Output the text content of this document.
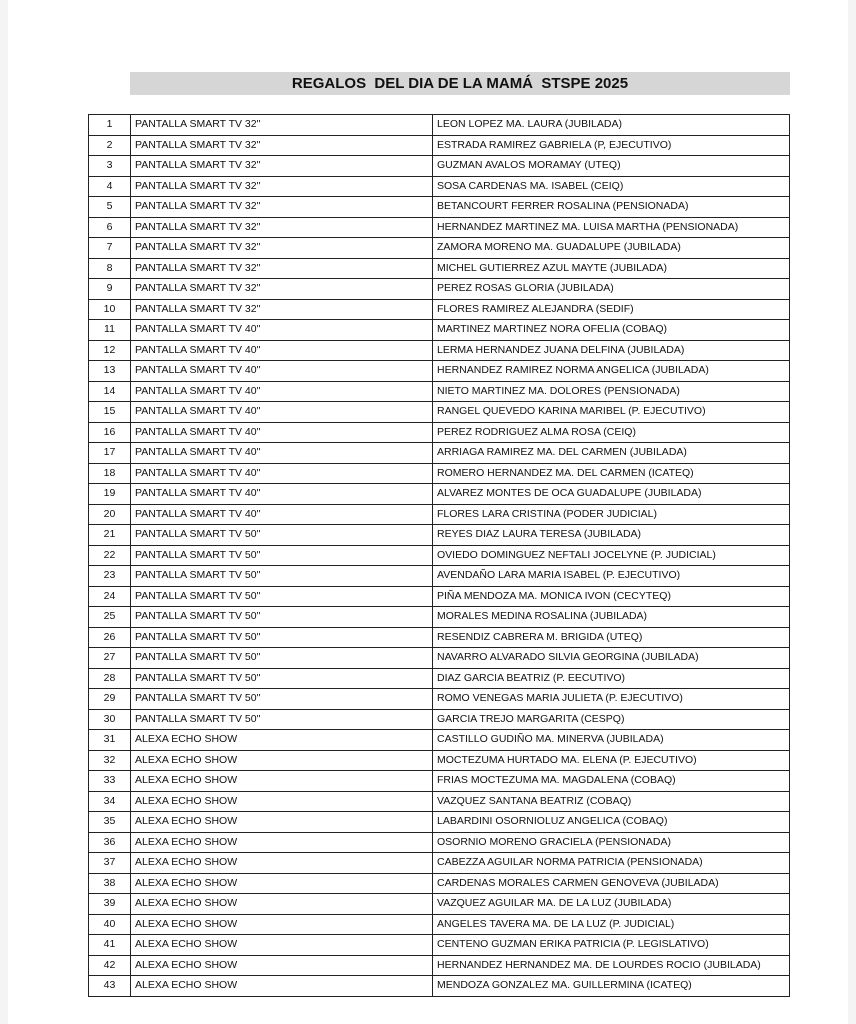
REGALOS  DEL DIA DE LA MAMÁ  STSPE 2025
1	PANTALLA SMART TV 32"	LEON LOPEZ MA. LAURA (JUBILADA)
2	PANTALLA SMART TV 32"	ESTRADA RAMIREZ GABRIELA (P, EJECUTIVO)
3	PANTALLA SMART TV 32"	GUZMAN AVALOS MORAMAY (UTEQ)
4	PANTALLA SMART TV 32"	SOSA CARDENAS MA. ISABEL (CEIQ)
5	PANTALLA SMART TV 32"	BETANCOURT FERRER ROSALINA (PENSIONADA)
6	PANTALLA SMART TV 32"	HERNANDEZ MARTINEZ MA. LUISA MARTHA (PENSIONADA)
7	PANTALLA SMART TV 32"	ZAMORA MORENO MA. GUADALUPE (JUBILADA)
8	PANTALLA SMART TV 32"	MICHEL GUTIERREZ AZUL MAYTE (JUBILADA)
9	PANTALLA SMART TV 32"	PEREZ ROSAS GLORIA (JUBILADA)
10	PANTALLA SMART TV 32"	FLORES RAMIREZ ALEJANDRA (SEDIF)
11	PANTALLA SMART TV 40"	MARTINEZ MARTINEZ NORA OFELIA (COBAQ)
12	PANTALLA SMART TV 40"	LERMA HERNANDEZ JUANA DELFINA (JUBILADA)
13	PANTALLA SMART TV 40"	HERNANDEZ RAMIREZ NORMA ANGELICA (JUBILADA)
14	PANTALLA SMART TV 40"	NIETO MARTINEZ MA. DOLORES (PENSIONADA)
15	PANTALLA SMART TV 40"	RANGEL QUEVEDO KARINA MARIBEL (P. EJECUTIVO)
16	PANTALLA SMART TV 40"	PEREZ RODRIGUEZ ALMA ROSA (CEIQ)
17	PANTALLA SMART TV 40"	ARRIAGA RAMIREZ MA. DEL CARMEN (JUBILADA)
18	PANTALLA SMART TV 40"	ROMERO HERNANDEZ MA. DEL CARMEN (ICATEQ)
19	PANTALLA SMART TV 40"	ALVAREZ MONTES DE OCA GUADALUPE (JUBILADA)
20	PANTALLA SMART TV 40"	FLORES LARA CRISTINA (PODER JUDICIAL)
21	PANTALLA SMART TV 50"	REYES DIAZ LAURA TERESA (JUBILADA)
22	PANTALLA SMART TV 50"	OVIEDO DOMINGUEZ NEFTALI JOCELYNE (P. JUDICIAL)
23	PANTALLA SMART TV 50"	AVENDAÑO LARA MARIA ISABEL (P. EJECUTIVO)
24	PANTALLA SMART TV 50"	PIÑA MENDOZA MA. MONICA IVON (CECYTEQ)
25	PANTALLA SMART TV 50"	MORALES MEDINA ROSALINA (JUBILADA)
26	PANTALLA SMART TV 50"	RESENDIZ CABRERA M. BRIGIDA (UTEQ)
27	PANTALLA SMART TV 50"	NAVARRO ALVARADO SILVIA GEORGINA (JUBILADA)
28	PANTALLA SMART TV 50"	DIAZ GARCIA BEATRIZ (P. EECUTIVO)
29	PANTALLA SMART TV 50"	ROMO VENEGAS MARIA JULIETA (P. EJECUTIVO)
30	PANTALLA SMART TV 50"	GARCIA TREJO MARGARITA (CESPQ)
31	ALEXA ECHO SHOW	CASTILLO GUDIÑO MA. MINERVA (JUBILADA)
32	ALEXA ECHO SHOW	MOCTEZUMA HURTADO MA. ELENA (P. EJECUTIVO)
33	ALEXA ECHO SHOW	FRIAS MOCTEZUMA MA. MAGDALENA (COBAQ)
34	ALEXA ECHO SHOW	VAZQUEZ SANTANA BEATRIZ (COBAQ)
35	ALEXA ECHO SHOW	LABARDINI OSORNIOLUZ ANGELICA (COBAQ)
36	ALEXA ECHO SHOW	OSORNIO MORENO GRACIELA (PENSIONADA)
37	ALEXA ECHO SHOW	CABEZZA AGUILAR NORMA PATRICIA (PENSIONADA)
38	ALEXA ECHO SHOW	CARDENAS MORALES CARMEN GENOVEVA (JUBILADA)
39	ALEXA ECHO SHOW	VAZQUEZ AGUILAR MA. DE LA LUZ (JUBILADA)
40	ALEXA ECHO SHOW	ANGELES TAVERA MA. DE LA LUZ (P. JUDICIAL)
41	ALEXA ECHO SHOW	CENTENO GUZMAN ERIKA PATRICIA (P. LEGISLATIVO)
42	ALEXA ECHO SHOW	HERNANDEZ HERNANDEZ MA. DE LOURDES ROCIO (JUBILADA)
43	ALEXA ECHO SHOW	MENDOZA GONZALEZ MA. GUILLERMINA (ICATEQ)
